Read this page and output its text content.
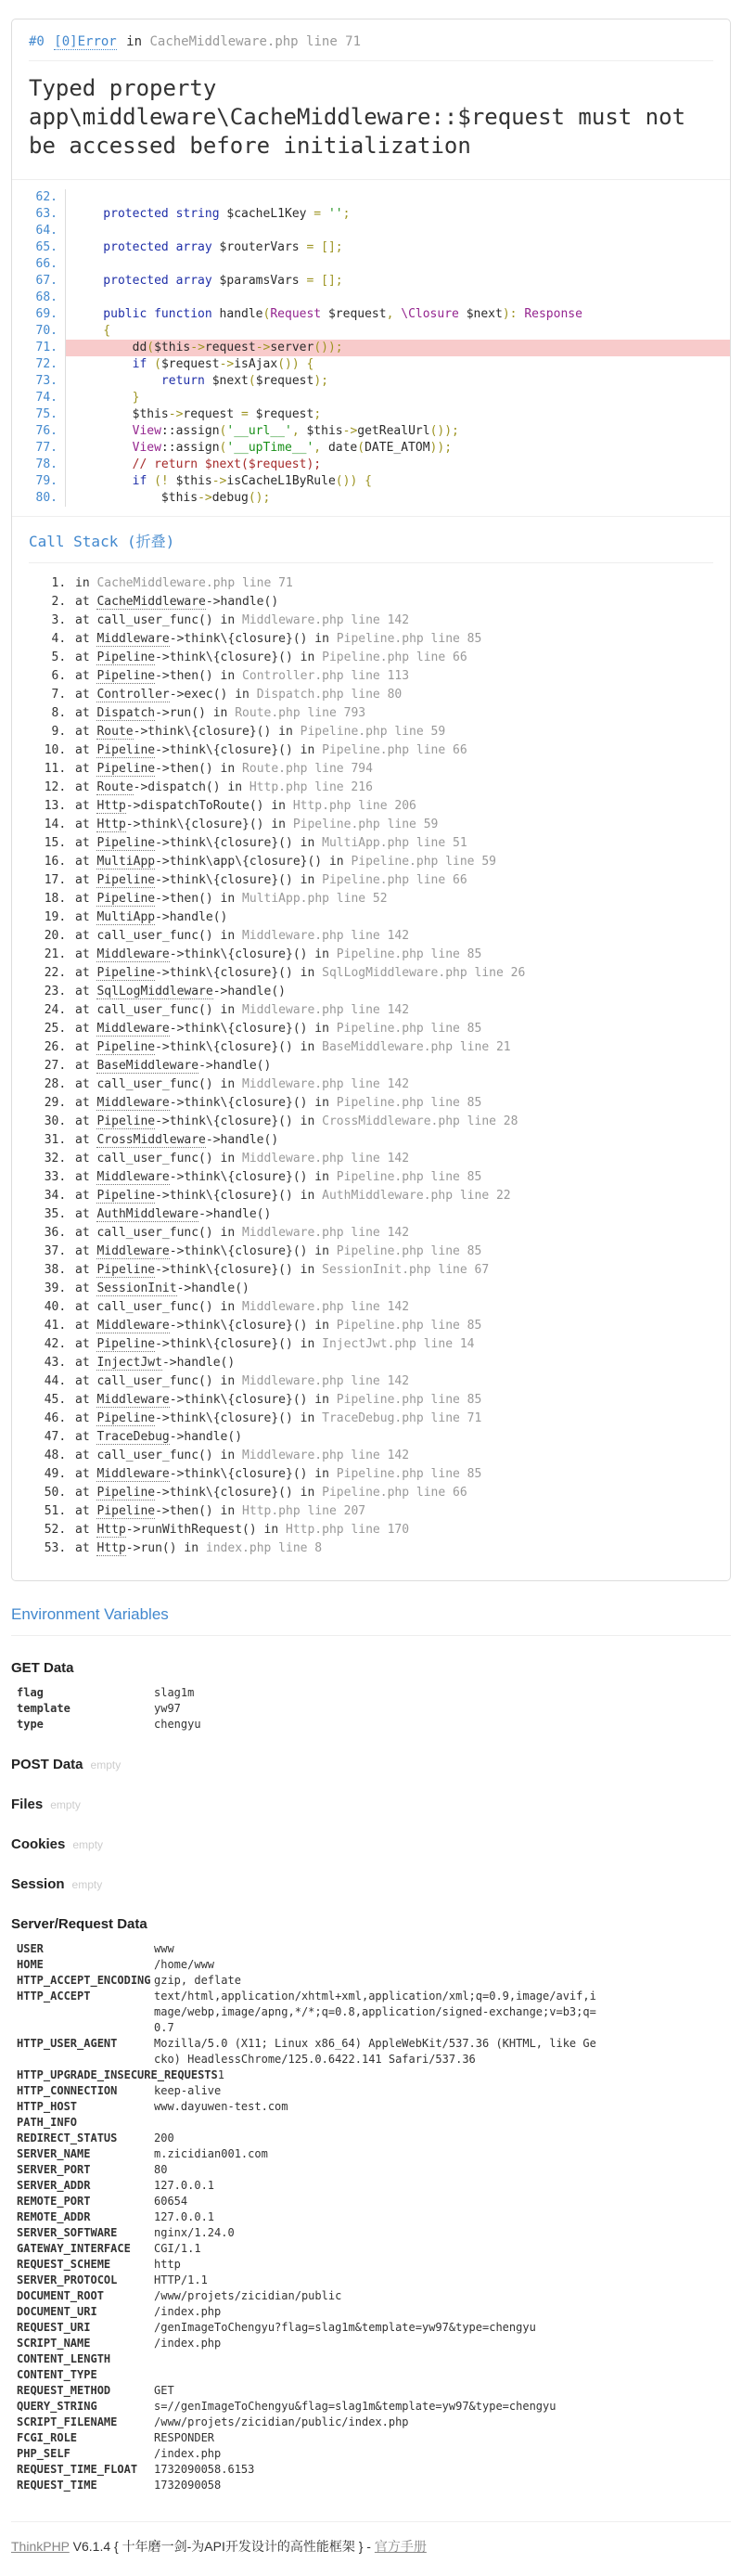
#0 [0]Error in CacheMiddleware.php line 71
Typed property app\middleware\CacheMiddleware::$request must not be accessed before initialization
62.
63.	protected string $cacheL1Key = '';
64.
65.	protected array $routerVars = [];
66.
67.	protected array $paramsVars = [];
68.
69.	public function handle(Request $request, \Closure $next): Response
70.	{
71.	dd($this->request->server());
72.	if ($request->isAjax()) {
73.	return $next($request);
74.	}
75.	$this->request = $request;
76.	View::assign('__url__', $this->getRealUrl());
77.	View::assign('__upTime__', date(DATE_ATOM));
78.	// return $next($request);
79.	if (! $this->isCacheL1ByRule()) {
80.	$this->debug();
Call Stack (折叠)
1. in CacheMiddleware.php line 71
2. at CacheMiddleware->handle()
3. at call_user_func() in Middleware.php line 142
4. at Middleware->think\{closure}() in Pipeline.php line 85
5. at Pipeline->think\{closure}() in Pipeline.php line 66
6. at Pipeline->then() in Controller.php line 113
7. at Controller->exec() in Dispatch.php line 80
8. at Dispatch->run() in Route.php line 793
9. at Route->think\{closure}() in Pipeline.php line 59
10. at Pipeline->think\{closure}() in Pipeline.php line 66
11. at Pipeline->then() in Route.php line 794
12. at Route->dispatch() in Http.php line 216
13. at Http->dispatchToRoute() in Http.php line 206
14. at Http->think\{closure}() in Pipeline.php line 59
15. at Pipeline->think\{closure}() in MultiApp.php line 51
16. at MultiApp->think\app\{closure}() in Pipeline.php line 59
17. at Pipeline->think\{closure}() in Pipeline.php line 66
18. at Pipeline->then() in MultiApp.php line 52
19. at MultiApp->handle()
20. at call_user_func() in Middleware.php line 142
21. at Middleware->think\{closure}() in Pipeline.php line 85
22. at Pipeline->think\{closure}() in SqlLogMiddleware.php line 26
23. at SqlLogMiddleware->handle()
24. at call_user_func() in Middleware.php line 142
25. at Middleware->think\{closure}() in Pipeline.php line 85
26. at Pipeline->think\{closure}() in BaseMiddleware.php line 21
27. at BaseMiddleware->handle()
28. at call_user_func() in Middleware.php line 142
29. at Middleware->think\{closure}() in Pipeline.php line 85
30. at Pipeline->think\{closure}() in CrossMiddleware.php line 28
31. at CrossMiddleware->handle()
32. at call_user_func() in Middleware.php line 142
33. at Middleware->think\{closure}() in Pipeline.php line 85
34. at Pipeline->think\{closure}() in AuthMiddleware.php line 22
35. at AuthMiddleware->handle()
36. at call_user_func() in Middleware.php line 142
37. at Middleware->think\{closure}() in Pipeline.php line 85
38. at Pipeline->think\{closure}() in SessionInit.php line 67
39. at SessionInit->handle()
40. at call_user_func() in Middleware.php line 142
41. at Middleware->think\{closure}() in Pipeline.php line 85
42. at Pipeline->think\{closure}() in InjectJwt.php line 14
43. at InjectJwt->handle()
44. at call_user_func() in Middleware.php line 142
45. at Middleware->think\{closure}() in Pipeline.php line 85
46. at Pipeline->think\{closure}() in TraceDebug.php line 71
47. at TraceDebug->handle()
48. at call_user_func() in Middleware.php line 142
49. at Middleware->think\{closure}() in Pipeline.php line 85
50. at Pipeline->think\{closure}() in Pipeline.php line 66
51. at Pipeline->then() in Http.php line 207
52. at Http->runWithRequest() in Http.php line 170
53. at Http->run() in index.php line 8
Environment Variables
GET Data
flag	slag1m
template	yw97
type	chengyu
POST Data empty
Files empty
Cookies empty
Session empty
Server/Request Data
USER	www
HOME	/home/www
HTTP_ACCEPT_ENCODING gzip, deflate
HTTP_ACCEPT	text/html,application/xhtml+xml,application/xml;q=0.9,image/avif,image/webp,image/apng,*/*;q=0.8,application/signed-exchange;v=b3;q=0.7
HTTP_USER_AGENT	Mozilla/5.0 (X11; Linux x86_64) AppleWebKit/537.36 (KHTML, like Gecko) HeadlessChrome/125.0.6422.141 Safari/537.36
HTTP_UPGRADE_INSECURE_REQUESTS 1
HTTP_CONNECTION	keep-alive
HTTP_HOST	www.dayuwen-test.com
PATH_INFO
REDIRECT_STATUS	200
SERVER_NAME	m.zicidian001.com
SERVER_PORT	80
SERVER_ADDR	127.0.0.1
REMOTE_PORT	60654
REMOTE_ADDR	127.0.0.1
SERVER_SOFTWARE	nginx/1.24.0
GATEWAY_INTERFACE	CGI/1.1
REQUEST_SCHEME	http
SERVER_PROTOCOL	HTTP/1.1
DOCUMENT_ROOT	/www/projets/zicidian/public
DOCUMENT_URI	/index.php
REQUEST_URI	/genImageToChengyu?flag=slag1m&template=yw97&type=chengyu
SCRIPT_NAME	/index.php
CONTENT_LENGTH
CONTENT_TYPE
REQUEST_METHOD	GET
QUERY_STRING	s=//genImageToChengyu&flag=slag1m&template=yw97&type=chengyu
SCRIPT_FILENAME	/www/projets/zicidian/public/index.php
FCGI_ROLE	RESPONDER
PHP_SELF	/index.php
REQUEST_TIME_FLOAT	1732090058.6153
REQUEST_TIME	1732090058
ThinkPHP V6.1.4 { 十年磨一剑-为API开发设计的高性能框架 } - 官方手册
